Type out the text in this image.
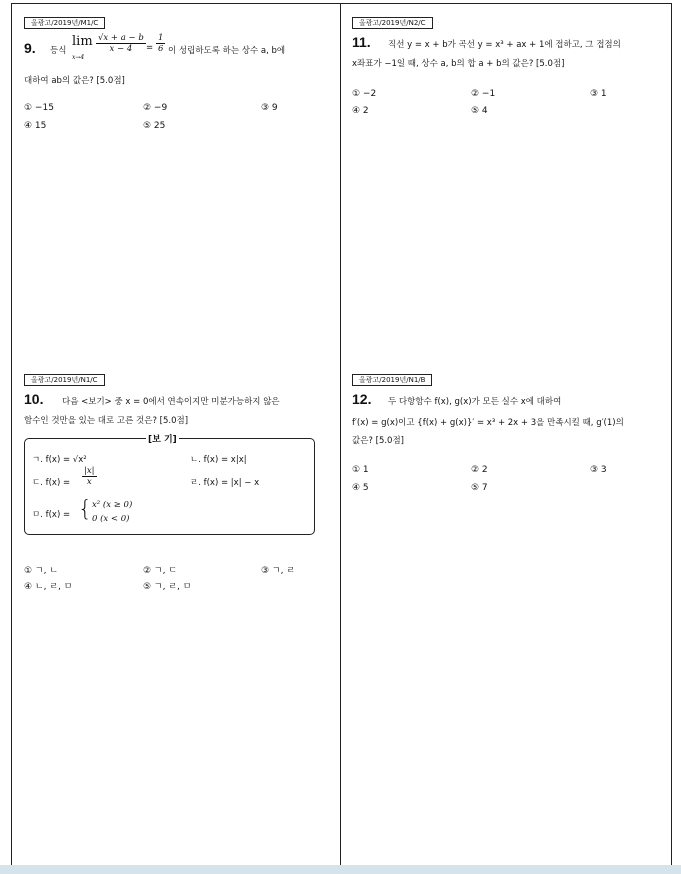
올광고/2019년/M1/C
9. 등식
lim
x→4
$\frac{√x + a - b}{x - 4} = \frac{1}{6}$ 이 성립하도록 하는 상수 a, b에
대하여 ab의 값은? [5.0점]
① −15	② −9	③ 9
④ 15	⑤ 25
올광고/2019년/N2/C
11. 직선 y = x + b가 곡선 y = x³ + ax + 1에 접하고, 그 접점의
x좌표가 −1일 때, 상수 a, b의 합 a + b의 값은? [5.0점]
① −2	② −1	③ 1
④ 2	⑤ 4
올광고/2019년/N1/C
10. 다음 <보기> 중 x = 0에서 연속이지만 미분가능하지 않은
함수인 것만을 있는 대로 고른 것은? [5.0점]
[보 기]
ㄱ. f(x) = √x²	ㄴ. f(x) = x|x|
ㄷ. $f(x) = \frac{|x|}{x}$	ㄹ. f(x) = |x| − x
ㅁ. f(x) = { x² (x ≥ 0)
0 (x < 0)
① ㄱ, ㄴ	② ㄱ, ㄷ	③ ㄱ, ㄹ
④ ㄴ, ㄹ, ㅁ	⑤ ㄱ, ㄹ, ㅁ
올광고/2019년/N1/B
12. 두 다항함수 f(x), g(x)가 모든 실수 x에 대하여
f′(x) = g(x)이고 {f(x) + g(x)}′ = x³ + 2x + 3을 만족시킬 때, g′(1)의
값은? [5.0점]
① 1	② 2	③ 3
④ 5	⑤ 7
